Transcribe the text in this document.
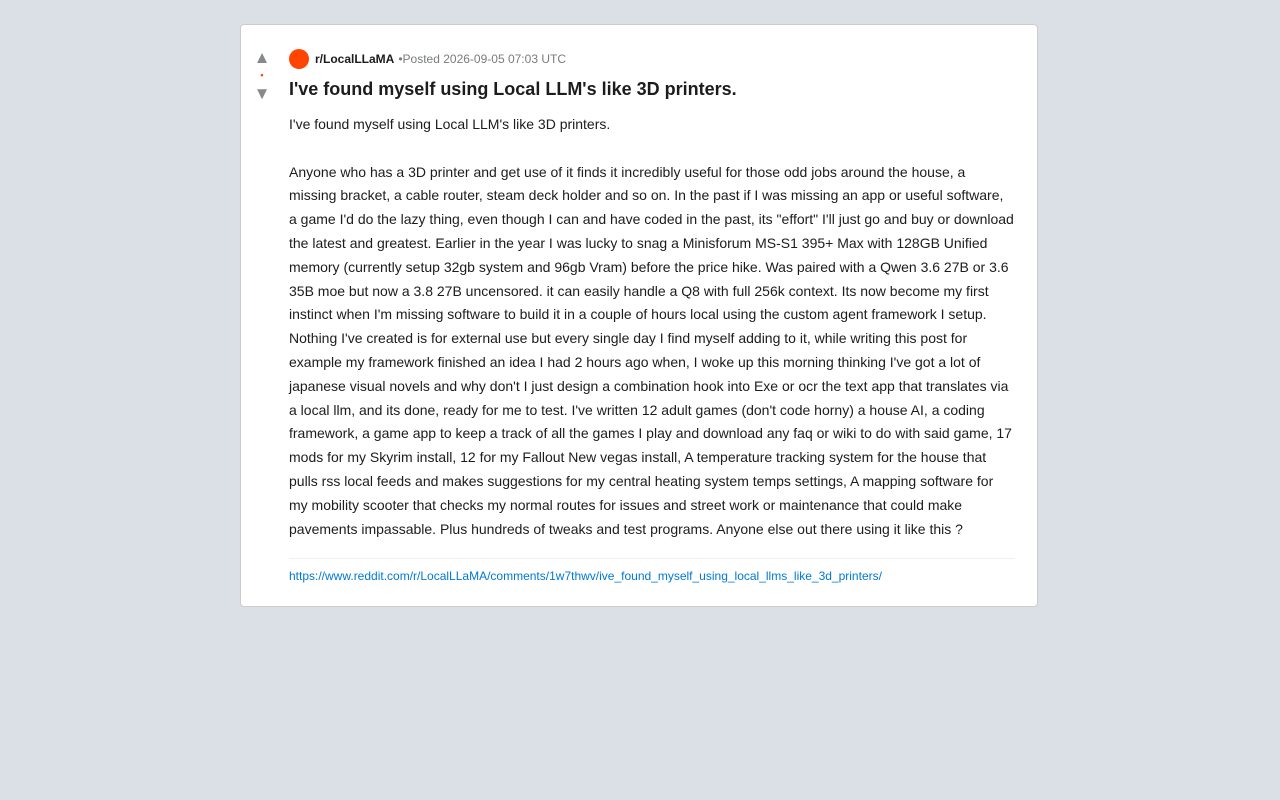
▲
•
▼
r/LocalLLaMA • Posted 2026-09-05 07:03 UTC
I've found myself using Local LLM's like 3D printers.

I've found myself using Local LLM's like 3D printers.

Anyone who has a 3D printer and get use of it finds it incredibly useful for those odd jobs around the house, a missing bracket, a cable router, steam deck holder and so on. In the past if I was missing an app or useful software, a game I'd do the lazy thing, even though I can and have coded in the past, its "effort" I'll just go and buy or download the latest and greatest. Earlier in the year I was lucky to snag a Minisforum MS-S1 395+ Max with 128GB Unified memory (currently setup 32gb system and 96gb Vram) before the price hike. Was paired with a Qwen 3.6 27B or 3.6 35B moe but now a 3.8 27B uncensored. it can easily handle a Q8 with full 256k context. Its now become my first instinct when I'm missing software to build it in a couple of hours local using the custom agent framework I setup. Nothing I've created is for external use but every single day I find myself adding to it, while writing this post for example my framework finished an idea I had 2 hours ago when, I woke up this morning thinking I've got a lot of japanese visual novels and why don't I just design a combination hook into Exe or ocr the text app that translates via a local llm, and its done, ready for me to test. I've written 12 adult games (don't code horny) a house AI, a coding framework, a game app to keep a track of all the games I play and download any faq or wiki to do with said game, 17 mods for my Skyrim install, 12 for my Fallout New vegas install, A temperature tracking system for the house that pulls rss local feeds and makes suggestions for my central heating system temps settings, A mapping software for my mobility scooter that checks my normal routes for issues and street work or maintenance that could make pavements impassable. Plus hundreds of tweaks and test programs. Anyone else out there using it like this ?

https://www.reddit.com/r/LocalLLaMA/comments/1w7thwv/ive_found_myself_using_local_llms_like_3d_printers/
